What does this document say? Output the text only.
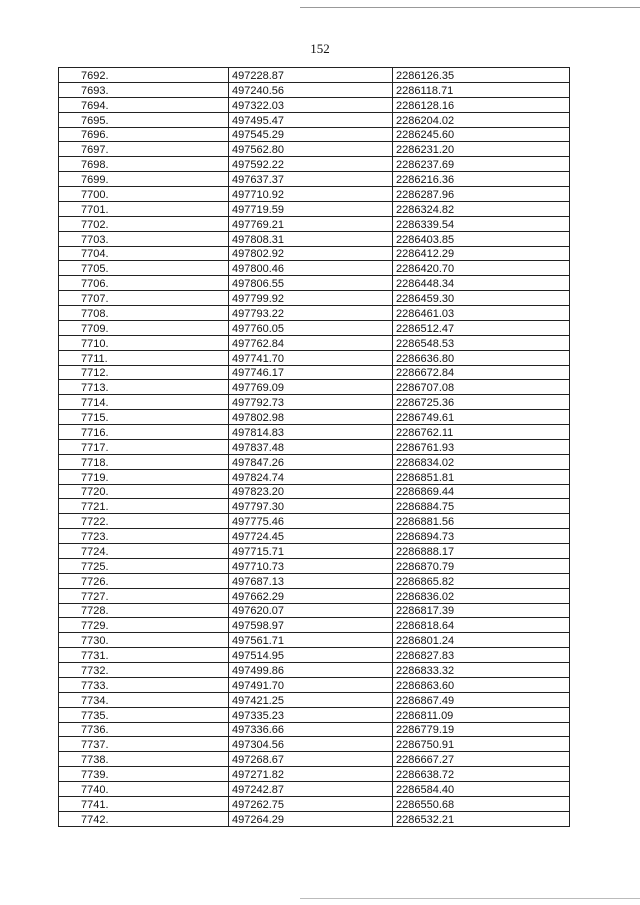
152
7692.	497228.87	2286126.35
7693.	497240.56	2286118.71
7694.	497322.03	2286128.16
7695.	497495.47	2286204.02
7696.	497545.29	2286245.60
7697.	497562.80	2286231.20
7698.	497592.22	2286237.69
7699.	497637.37	2286216.36
7700.	497710.92	2286287.96
7701.	497719.59	2286324.82
7702.	497769.21	2286339.54
7703.	497808.31	2286403.85
7704.	497802.92	2286412.29
7705.	497800.46	2286420.70
7706.	497806.55	2286448.34
7707.	497799.92	2286459.30
7708.	497793.22	2286461.03
7709.	497760.05	2286512.47
7710.	497762.84	2286548.53
7711.	497741.70	2286636.80
7712.	497746.17	2286672.84
7713.	497769.09	2286707.08
7714.	497792.73	2286725.36
7715.	497802.98	2286749.61
7716.	497814.83	2286762.11
7717.	497837.48	2286761.93
7718.	497847.26	2286834.02
7719.	497824.74	2286851.81
7720.	497823.20	2286869.44
7721.	497797.30	2286884.75
7722.	497775.46	2286881.56
7723.	497724.45	2286894.73
7724.	497715.71	2286888.17
7725.	497710.73	2286870.79
7726.	497687.13	2286865.82
7727.	497662.29	2286836.02
7728.	497620.07	2286817.39
7729.	497598.97	2286818.64
7730.	497561.71	2286801.24
7731.	497514.95	2286827.83
7732.	497499.86	2286833.32
7733.	497491.70	2286863.60
7734.	497421.25	2286867.49
7735.	497335.23	2286811.09
7736.	497336.66	2286779.19
7737.	497304.56	2286750.91
7738.	497268.67	2286667.27
7739.	497271.82	2286638.72
7740.	497242.87	2286584.40
7741.	497262.75	2286550.68
7742.	497264.29	2286532.21
